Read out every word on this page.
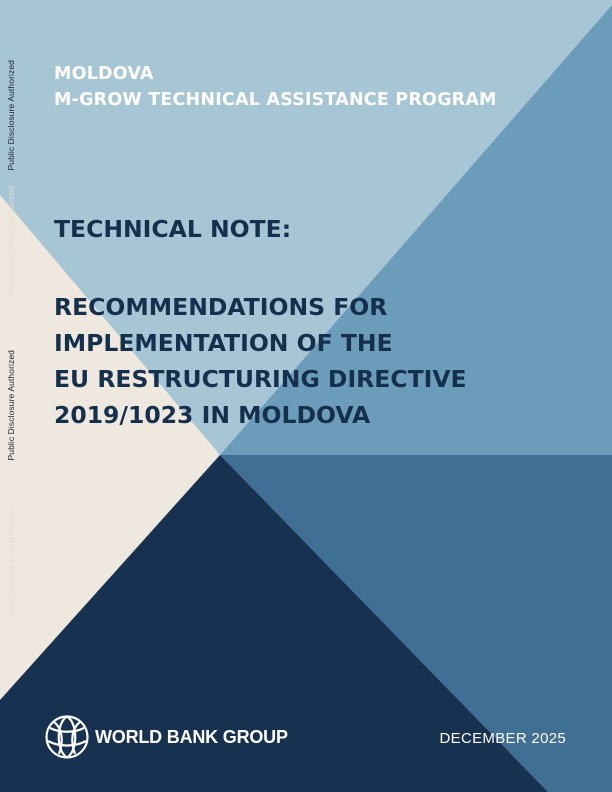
Public Disclosure Authorized
Public Disclosure Authorized
Public Disclosure Authorized
Public Disclosure Authorized
MOLDOVA
M-GROW TECHNICAL ASSISTANCE PROGRAM
TECHNICAL NOTE:
RECOMMENDATIONS FOR
IMPLEMENTATION OF THE
EU RESTRUCTURING DIRECTIVE
2019/1023 IN MOLDOVA
WORLD BANK GROUP	DECEMBER 2025
